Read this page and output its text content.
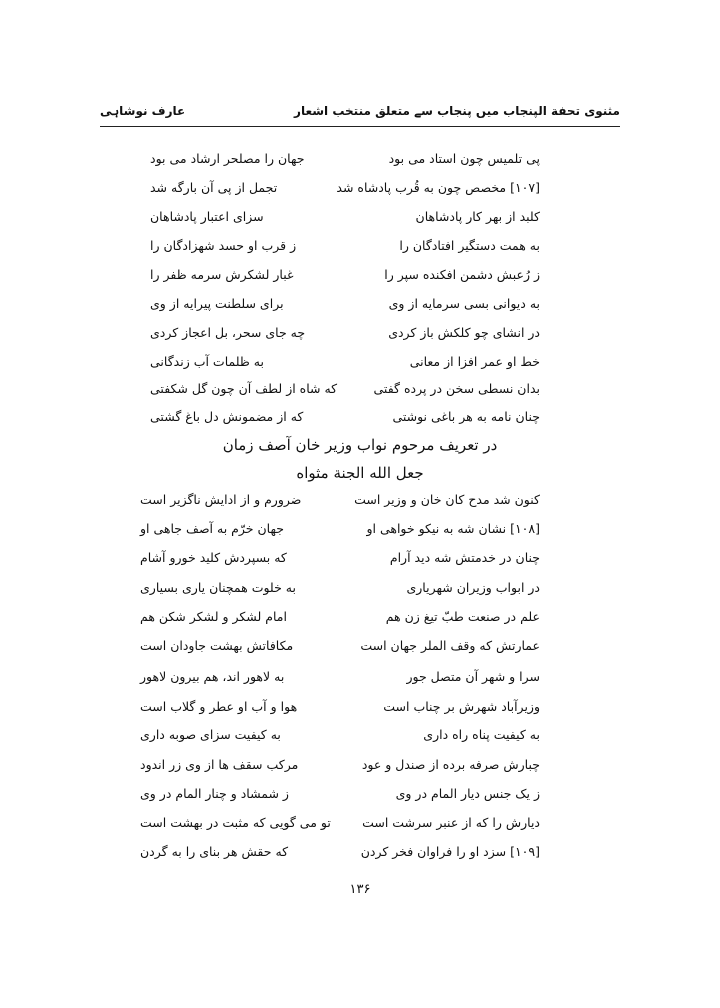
مثنوی تحفة الپنجاب میں پنجاب سے متعلق منتخب اشعار
عارف نوشاہی
پی تلمیس چون استاد می بود
جهان را مصلحر ارشاد می بود
[۱۰۷] مخصص چون به قُرب پادشاه شد
تجمل از پی آن بارگه شد
کلبد از بهر کار پادشاهان
سزای اعتبار پادشاهان
به همت دستگیر افتادگان را
ز قرب او حسد شهزادگان را
ز رُعبش دشمن افکنده سپر را
غبار لشکرش سرمه ظفر را
به دیوانی بسی سرمایه از وی
برای سلطنت پیرایه از وی
در انشای چو کلکش باز کردی
چه جای سحر، بل اعجاز کردی
خط او عمر افزا از معانی
به ظلمات آب زندگانی
بدان نسطی سخن در پرده گفتی
که شاه از لطف آن چون گل شکفتی
چنان نامه به هر باغی نوشتی
که از مضمونش دل باغ گشتی
در تعریف مرحوم نواب وزیر خان آصف زمان
جعل الله الجنة مثواه
کنون شد مدح کان خان و وزیر است
ضرورم و از ادایش ناگزیر است
[۱۰۸] نشان شه به نیکو خواهی او
جهان خرّم به آصف جاهی او
چنان در خدمتش شه دید آرام
که بسپردش کلید خورو آشام
در ابواب وزیران شهریاری
به خلوت همچنان یاری بسیاری
علم در صنعت طبّ تیغ زن هم
امام لشکر و لشکر شکن هم
عمارتش که وقف الملر جهان است
مکافاتش بهشت جاودان است
سرا و شهر آن متصل جور
به لاهور اند، هم بیرون لاهور
وزیرآباد شهرش بر چناب است
هوا و آب او عطر و گلاب است
به کیفیت پناه راه داری
به کیفیت سزای صوبه داری
چبارش صرفه برده از صندل و عود
مرکب سقف ها از وی زر اندود
ز یک جنس دیار المام در وی
ز شمشاد و چنار المام در وی
دیارش را که از عنبر سرشت است
تو می گویی که مثبت در بهشت است
[۱۰۹] سزد او را فراوان فخر کردن
که حقش هر بنای را به گردن
۱۳۶
